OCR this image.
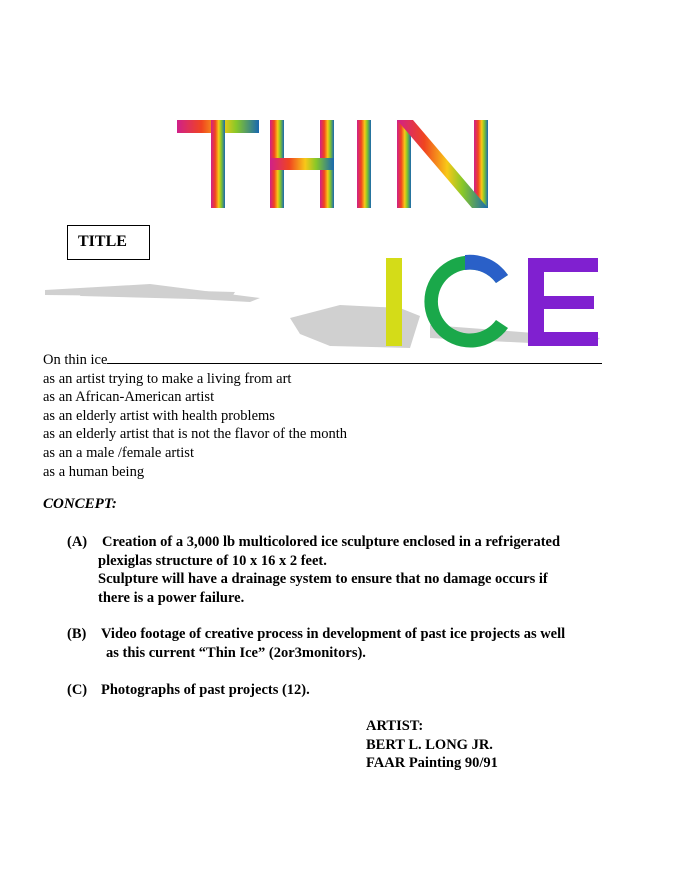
TITLE
On thin ice
as an artist trying to make a living from art
as an African-American artist
as an elderly artist with health problems
as an elderly artist that is not the flavor of the month
as an a male /female artist
as a human being
CONCEPT:
(A) Creation of a 3,000 lb multicolored ice sculpture enclosed in a refrigerated
plexiglas structure of 10 x 16 x 2 feet.
Sculpture will have a drainage system to ensure that no damage occurs if
there is a power failure.
(B) Video footage of creative process in development of past ice projects as well
as this current “Thin Ice” (2or3monitors).
(C) Photographs of past projects (12).
ARTIST:
BERT L. LONG JR.
FAAR Painting 90/91
